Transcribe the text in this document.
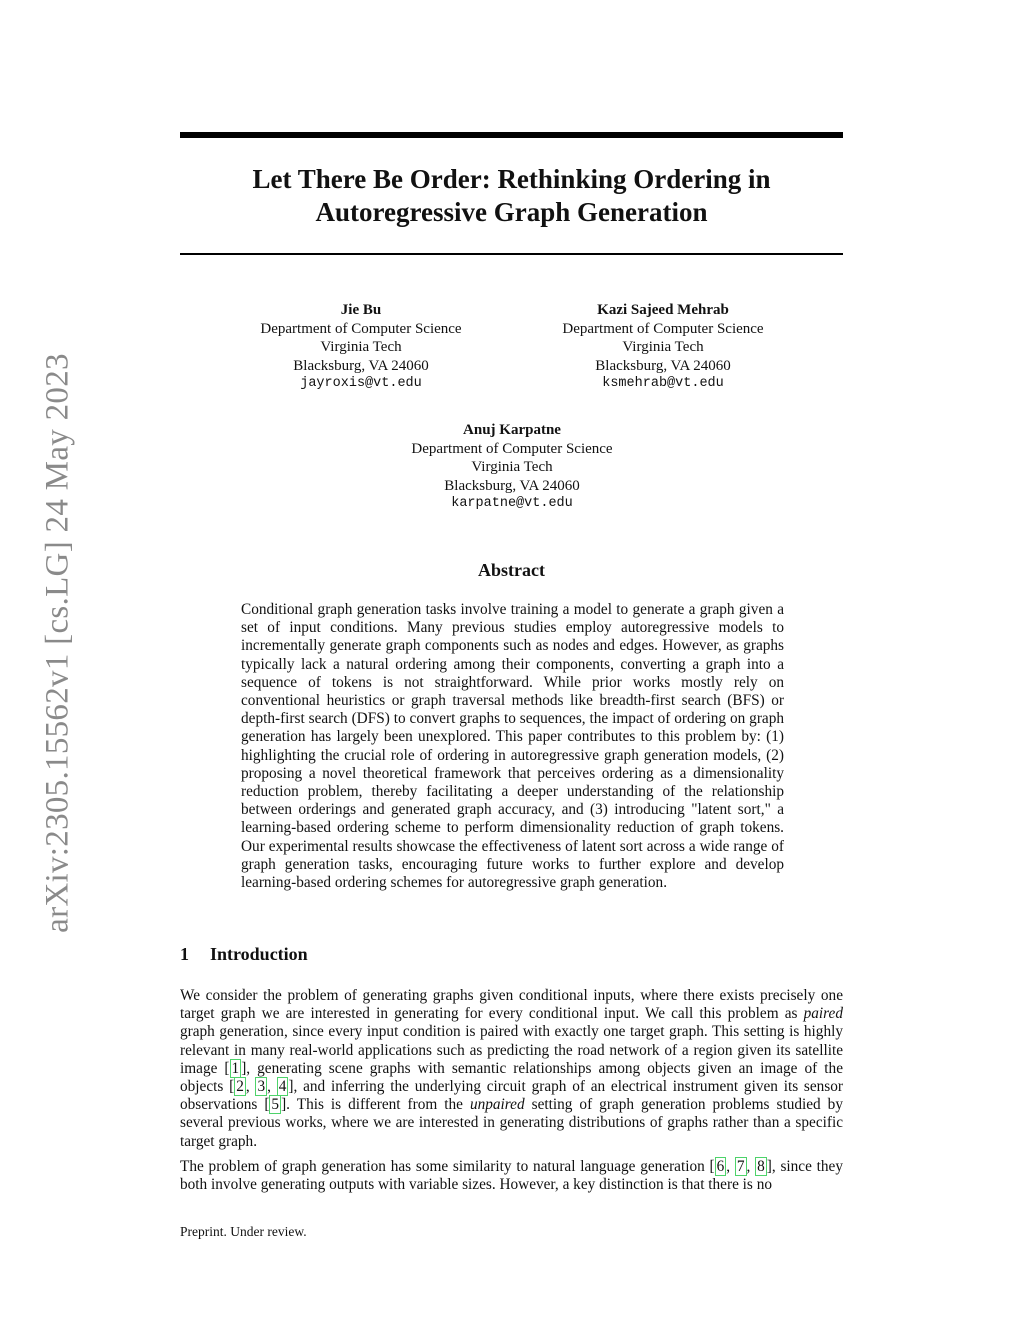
arXiv:2305.15562v1 [cs.LG] 24 May 2023
Let There Be Order: Rethinking Ordering in
Autoregressive Graph Generation
Jie Bu
Department of Computer Science
Virginia Tech
Blacksburg, VA 24060
jayroxis@vt.edu
Kazi Sajeed Mehrab
Department of Computer Science
Virginia Tech
Blacksburg, VA 24060
ksmehrab@vt.edu
Anuj Karpatne
Department of Computer Science
Virginia Tech
Blacksburg, VA 24060
karpatne@vt.edu
Abstract
Conditional graph generation tasks involve training a model to generate a graph given a set of input conditions. Many previous studies employ autoregressive models to incrementally generate graph components such as nodes and edges. However, as graphs typically lack a natural ordering among their components, converting a graph into a sequence of tokens is not straightforward. While prior works mostly rely on conventional heuristics or graph traversal methods like breadth-first search (BFS) or depth-first search (DFS) to convert graphs to sequences, the impact of ordering on graph generation has largely been unexplored. This paper contributes to this problem by: (1) highlighting the crucial role of ordering in autoregressive graph generation models, (2) proposing a novel theoretical framework that perceives ordering as a dimensionality reduction problem, thereby facilitating a deeper understanding of the relationship between orderings and generated graph accuracy, and (3) introducing "latent sort," a learning-based ordering scheme to perform dimensionality reduction of graph tokens. Our experimental results showcase the effectiveness of latent sort across a wide range of graph generation tasks, encouraging future works to further explore and develop learning-based ordering schemes for autoregressive graph generation.
1 Introduction

We consider the problem of generating graphs given conditional inputs, where there exists precisely one target graph we are interested in generating for every conditional input. We call this problem as paired graph generation, since every input condition is paired with exactly one target graph. This setting is highly relevant in many real-world applications such as predicting the road network of a region given its satellite image [ 1 ], generating scene graphs with semantic relationships among objects given an image of the objects [ 2 , 3 , 4 ], and inferring the underlying circuit graph of an electrical instrument given its sensor observations [ 5 ]. This is different from the unpaired setting of graph generation problems studied by several previous works, where we are interested in generating distributions of graphs rather than a specific target graph.

The problem of graph generation has some similarity to natural language generation [ 6 , 7 , 8 ], since they both involve generating outputs with variable sizes. However, a key distinction is that there is no

Preprint. Under review.
